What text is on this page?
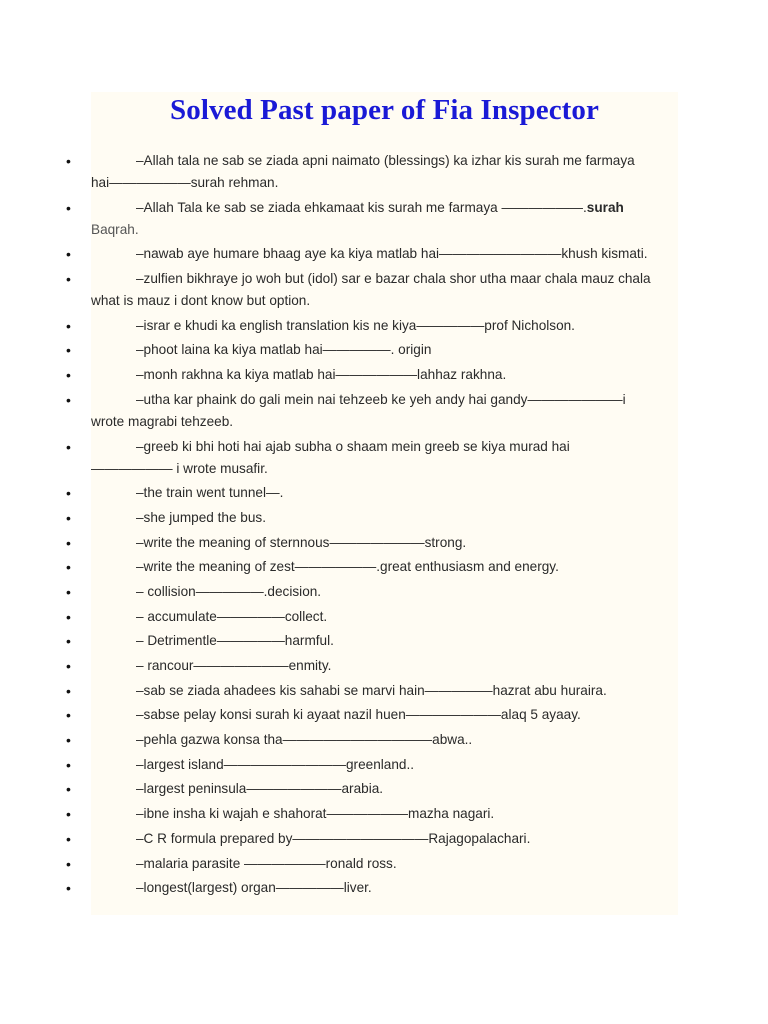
Solved Past paper of Fia Inspector
•	–Allah tala ne sab se ziada apni naimato (blessings) ka izhar kis surah me farmaya hai——————surah rehman.
•	–Allah Tala ke sab se ziada ehkamaat kis surah me farmaya ——————.surah Baqrah.
•	–nawab aye humare bhaag aye ka kiya matlab hai—————————khush kismati.
•	–zulfien bikhraye jo woh but (idol) sar e bazar chala shor utha maar chala mauz chala what is mauz i dont know but option.
•	–israr e khudi ka english translation kis ne kiya—————prof Nicholson.
•	–phoot laina ka kiya matlab hai—————. origin
•	–monh rakhna ka kiya matlab hai——————lahhaz rakhna.
•	–utha kar phaink do gali mein nai tehzeeb ke yeh andy hai gandy———————i wrote magrabi tehzeeb.
•	–greeb ki bhi hoti hai ajab subha o shaam mein greeb se kiya murad hai —————— i wrote musafir.
•	–the train went tunnel—.
•	–she jumped the bus.
•	–write the meaning of sternnous———————strong.
•	–write the meaning of zest——————.great enthusiasm and energy.
•	– collision—————.decision.
•	– accumulate—————collect.
•	– Detrimentle—————harmful.
•	– rancour———————enmity.
•	–sab se ziada ahadees kis sahabi se marvi hain—————hazrat abu huraira.
•	–sabse pelay konsi surah ki ayaat nazil huen———————alaq 5 ayaay.
•	–pehla gazwa konsa tha———————————abwa..
•	–largest island—————————greenland..
•	–largest peninsula———————arabia.
•	–ibne insha ki wajah e shahorat——————mazha nagari.
•	–C R formula prepared by——————————Rajagopalachari.
•	–malaria parasite ——————ronald ross.
•	–longest(largest) organ—————liver.
